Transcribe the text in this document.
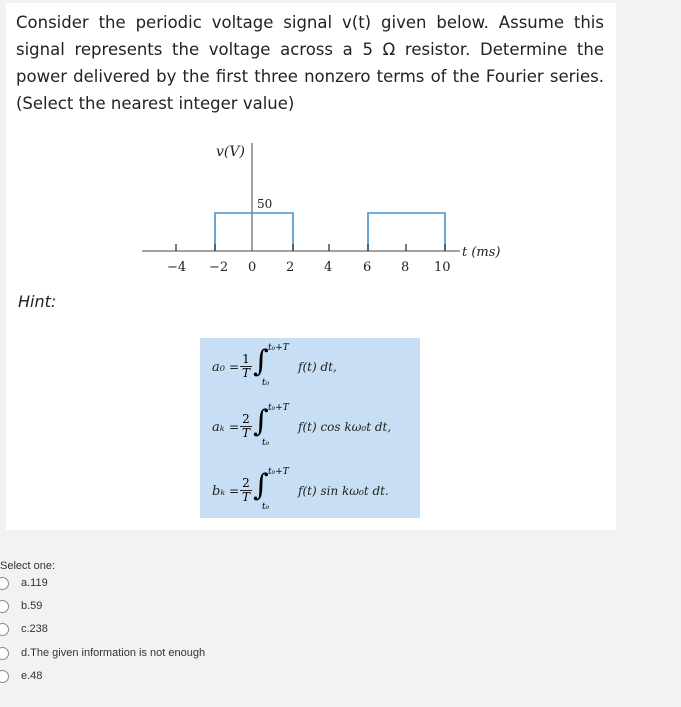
Consider the periodic voltage signal v(t) given below. Assume this signal represents the voltage across a 5 Ω resistor. Determine the power delivered by the first three nonzero terms of the Fourier series. (Select the nearest integer value)
v(V)
t (ms)
50
−4 −2 0 2 4 6 8 10
Hint:
$a_0 = \frac{1}{T}$ ∫ t₀+T
t₀
f(t) dt,
$a_k = \frac{2}{T}$ ∫ t₀+T
t₀
f(t) cos kω₀t dt,
$b_k = \frac{2}{T}$ ∫ t₀+T
t₀
f(t) sin kω₀t dt.
Select one:
a.119
b.59
c.238
d.The given information is not enough
e.48
